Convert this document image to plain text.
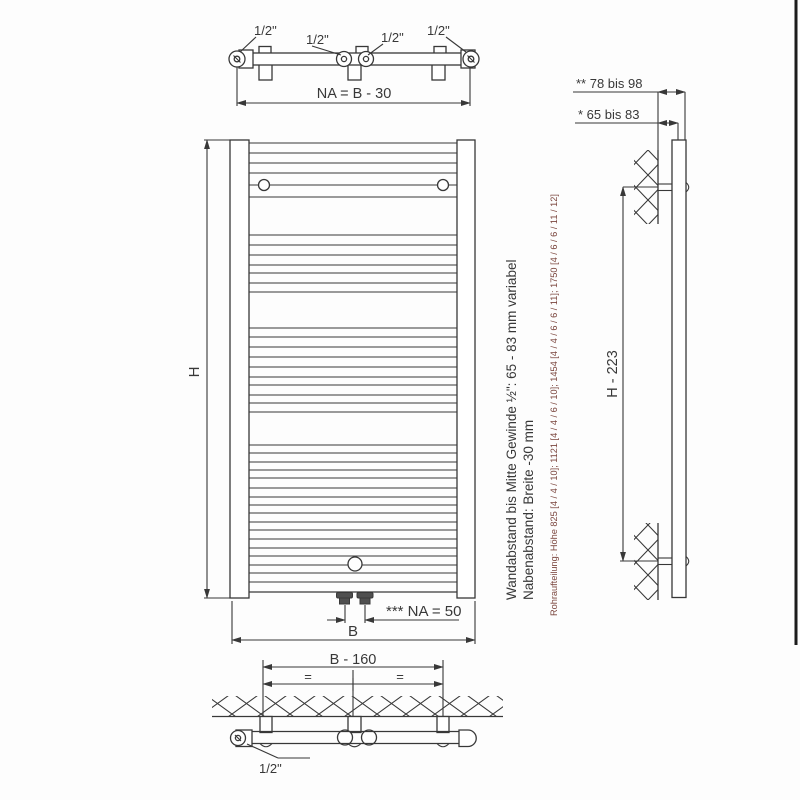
1/2"
1/2"	1/2" 1/2"
NA = B - 30
H
*** NA = 50
B
B - 160
=	=
1/2"
** 78 bis 98
* 65 bis 83
H - 223
Wandabstand bis Mitte Gewinde ½": 65 - 83 mm variabel Nabenabstand: Breite -30 mm Rohraufteilung: Höhe 825 [4 / 4 / 10]; 1121 [4 / 4 / 6 / 10]; 1454 [4 / 4 / 6 / 6 / 11]; 1750 [4 / 6 / 6 / 11 / 12]
